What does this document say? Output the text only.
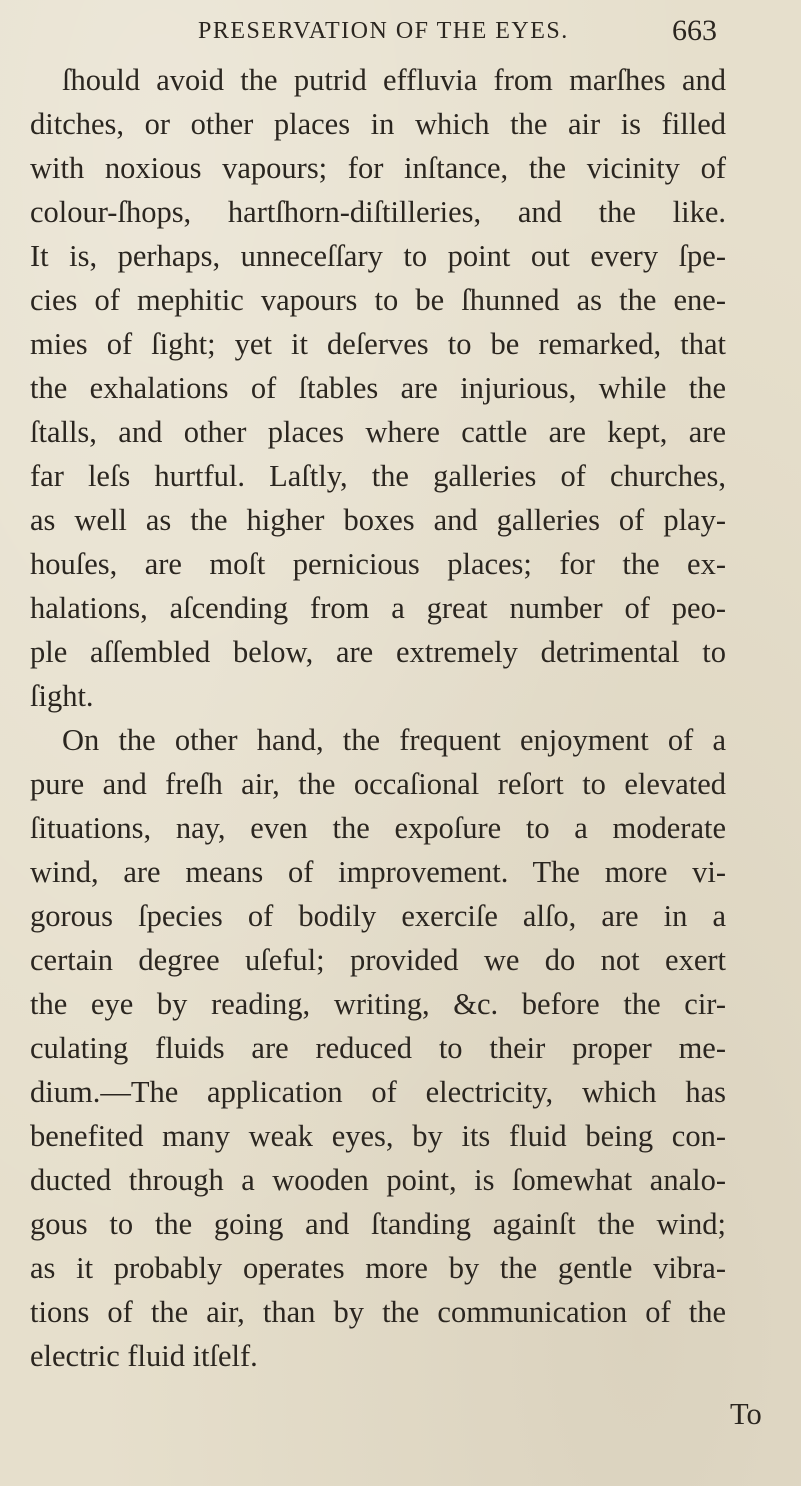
PRESERVATION OF THE EYES.	663
ſhould avoid the putrid effluvia from marſhes and
ditches, or other places in which the air is filled
with noxious vapours; for inſtance, the vicinity of
colour-ſhops, hartſhorn-diſtilleries, and the like.
It is, perhaps, unneceſſary to point out every ſpe-
cies of mephitic vapours to be ſhunned as the ene-
mies of ſight; yet it deſerves to be remarked, that
the exhalations of ſtables are injurious, while the
ſtalls, and other places where cattle are kept, are
far leſs hurtful. Laſtly, the galleries of churches,
as well as the higher boxes and galleries of play-
houſes, are moſt pernicious places; for the ex-
halations, aſcending from a great number of peo-
ple aſſembled below, are extremely detrimental to
ſight.
On the other hand, the frequent enjoyment of a
pure and freſh air, the occaſional reſort to elevated
ſituations, nay, even the expoſure to a moderate
wind, are means of improvement. The more vi-
gorous ſpecies of bodily exerciſe alſo, are in a
certain degree uſeful; provided we do not exert
the eye by reading, writing, &c. before the cir-
culating fluids are reduced to their proper me-
dium.—The application of electricity, which has
benefited many weak eyes, by its fluid being con-
ducted through a wooden point, is ſomewhat analo-
gous to the going and ſtanding againſt the wind;
as it probably operates more by the gentle vibra-
tions of the air, than by the communication of the
electric fluid itſelf.
To
